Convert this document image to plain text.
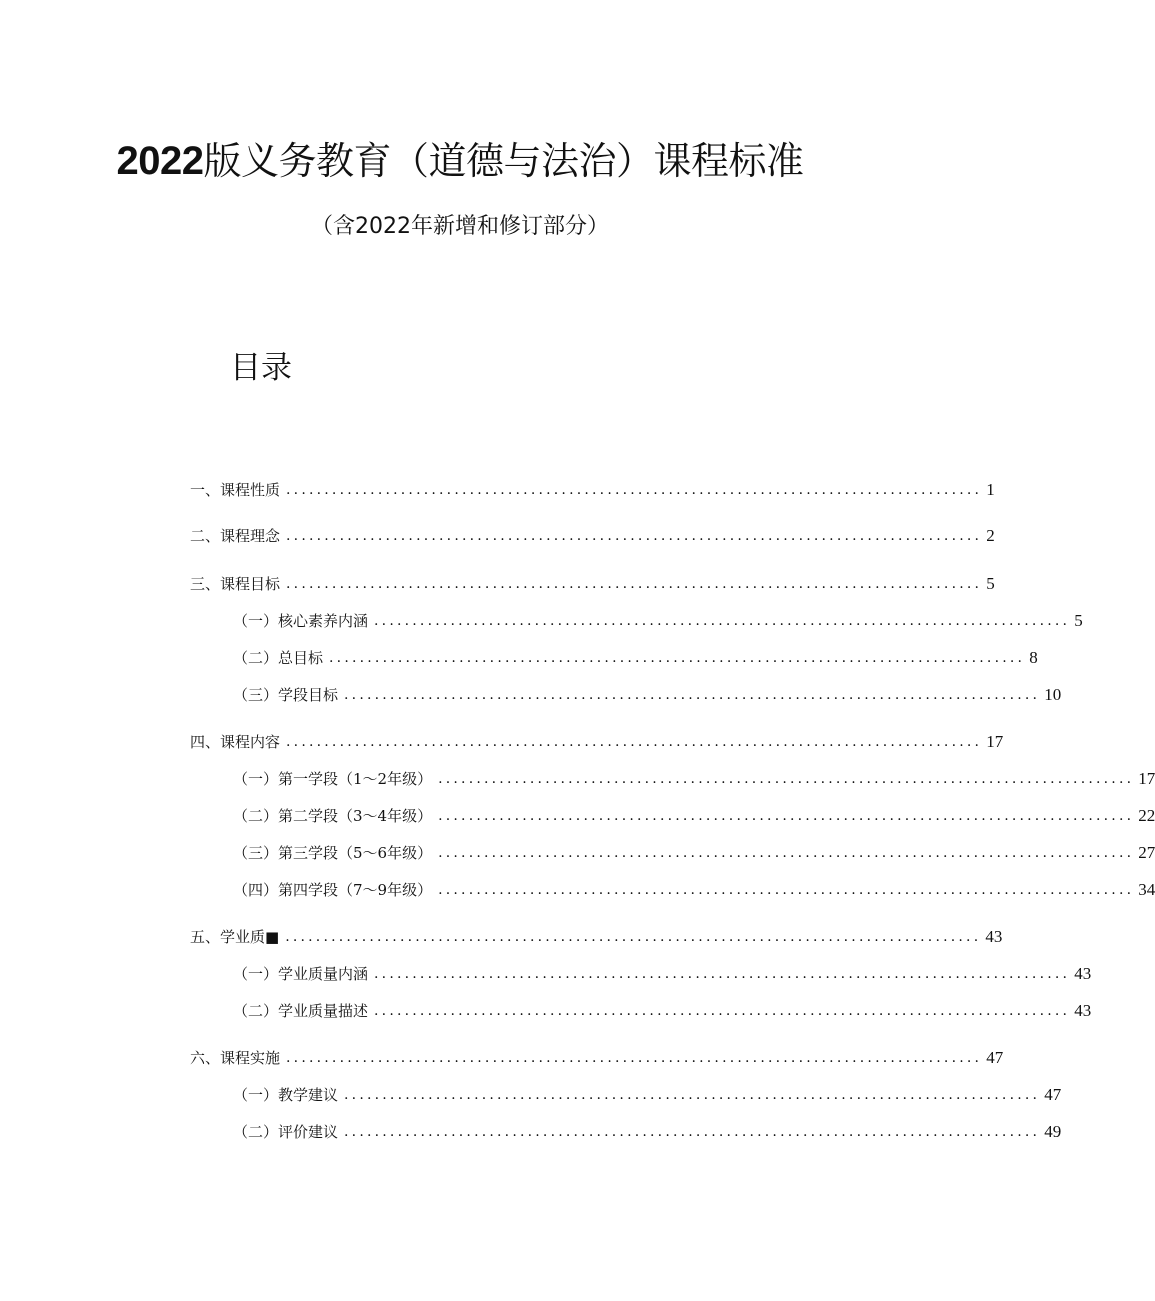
2022版义务教育（道德与法治）课程标准
（含2022年新增和修订部分）
目录
一、课程性质 ........................................................................................... 1
二、课程理念 ........................................................................................... 2
三、课程目标 ........................................................................................... 5
（一）核心素养内涵 ........................................................................................... 5
（二）总目标 ........................................................................................... 8
（三）学段目标 ........................................................................................... 10
四、课程内容 ........................................................................................... 17
（一）第一学段（1〜2年级） ........................................................................................... 17
（二）第二学段（3〜4年级） ........................................................................................... 22
（三）第三学段（5〜6年级） ........................................................................................... 27
（四）第四学段（7〜9年级） ........................................................................................... 34
五、学业质■ ........................................................................................... 43
（一）学业质量内涵 ........................................................................................... 43
（二）学业质量描述 ........................................................................................... 43
六、课程实施 ........................................................................................... 47
（一）教学建议 ........................................................................................... 47
（二）评价建议 ........................................................................................... 49
